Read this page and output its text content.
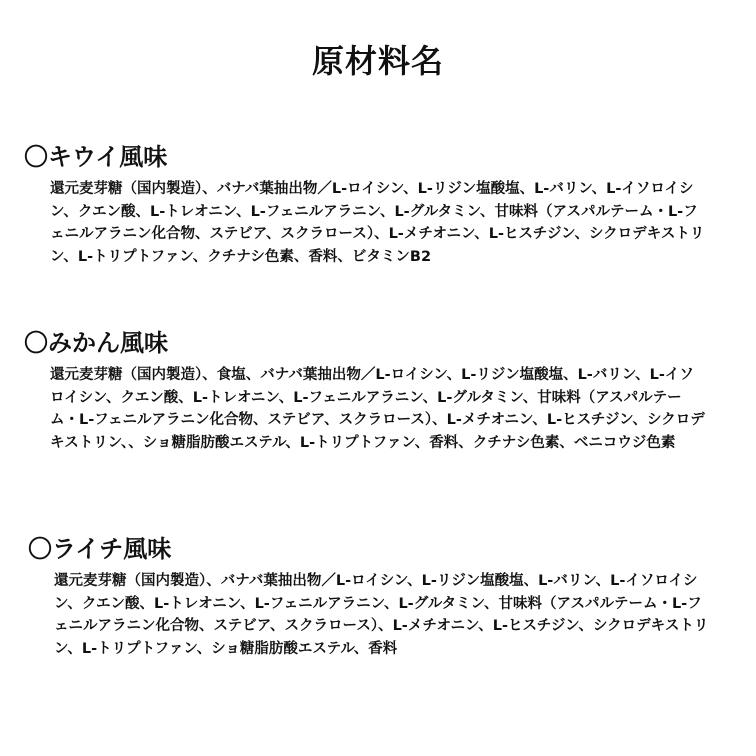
原材料名
〇キウイ風味

還元麦芽糖（国内製造）、バナバ葉抽出物／L-ロイシン、L-リジン塩酸塩、L-バリン、L-イソロイシン、クエン酸、L-トレオニン、L-フェニルアラニン、L-グルタミン、甘味料（アスパルテーム・L-フェニルアラニン化合物、ステビア、スクラロース）、L-メチオニン、L-ヒスチジン、シクロデキストリン、L-トリプトファン、クチナシ色素、香料、ビタミンB2

〇みかん風味

還元麦芽糖（国内製造）、食塩、バナバ葉抽出物／L-ロイシン、L-リジン塩酸塩、L-バリン、L-イソロイシン、クエン酸、L-トレオニン、L-フェニルアラニン、L-グルタミン、甘味料（アスパルテーム・L-フェニルアラニン化合物、ステビア、スクラロース）、L-メチオニン、L-ヒスチジン、シクロデキストリン、、ショ糖脂肪酸エステル、L-トリプトファン、香料、クチナシ色素、ベニコウジ色素

〇ライチ風味

還元麦芽糖（国内製造）、バナバ葉抽出物／L-ロイシン、L-リジン塩酸塩、L-バリン、L-イソロイシン、クエン酸、L-トレオニン、L-フェニルアラニン、L-グルタミン、甘味料（アスパルテーム・L-フェニルアラニン化合物、ステビア、スクラロース）、L-メチオニン、L-ヒスチジン、シクロデキストリン、L-トリプトファン、ショ糖脂肪酸エステル、香料
